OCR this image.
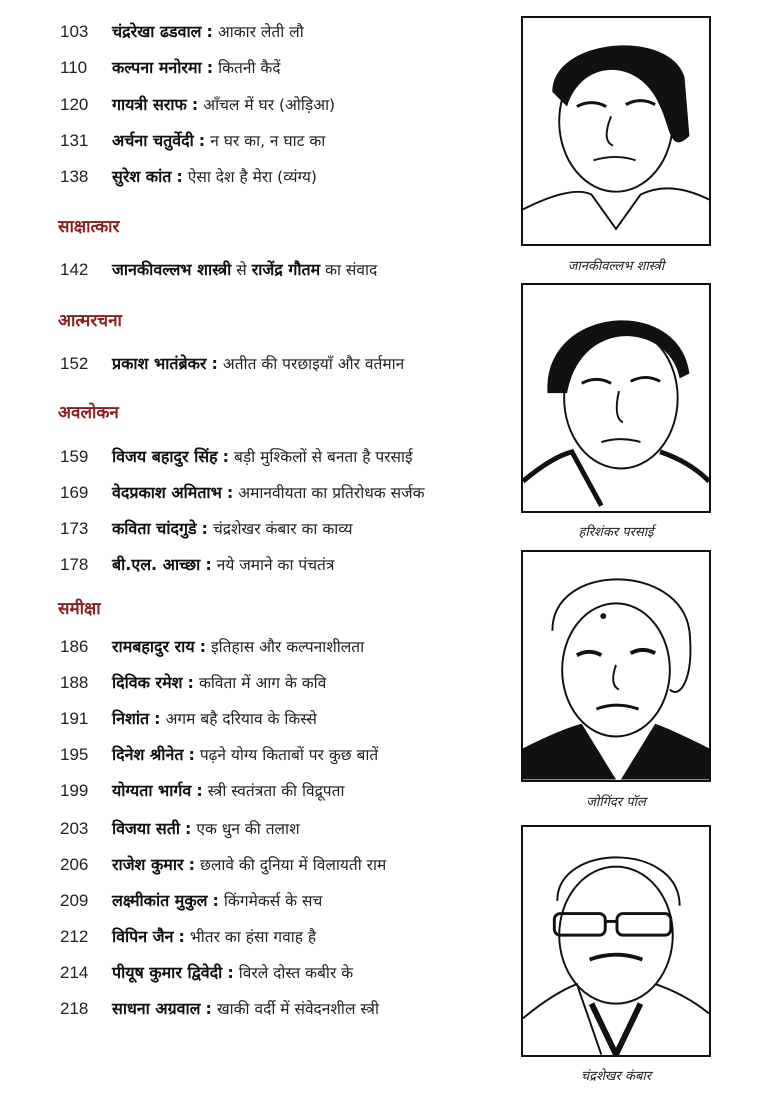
103	चंद्ररेखा ढडवाल : आकार लेती लौ
110	कल्पना मनोरमा : कितनी कैदें
120	गायत्री सराफ : आँचल में घर (ओड़िआ)
131	अर्चना चतुर्वेदी : न घर का, न घाट का
138	सुरेश कांत : ऐसा देश है मेरा (व्यंग्य)
साक्षात्कार
142	जानकीवल्लभ शास्त्री से राजेंद्र गौतम का संवाद
आत्मरचना
152	प्रकाश भातंब्रेकर : अतीत की परछाइयाँ और वर्तमान
अवलोकन
159	विजय बहादुर सिंह : बड़ी मुश्किलों से बनता है परसाई
169	वेदप्रकाश अमिताभ : अमानवीयता का प्रतिरोधक सर्जक
173	कविता चांदगुडे : चंद्रशेखर कंबार का काव्य
178	बी.एल. आच्छा : नये जमाने का पंचतंत्र
समीक्षा
186	रामबहादुर राय : इतिहास और कल्पनाशीलता
188	दिविक रमेश : कविता में आग के कवि
191	निशांत : अगम बहै दरियाव के किस्से
195	दिनेश श्रीनेत : पढ़ने योग्य किताबों पर कुछ बातें
199	योग्यता भार्गव : स्त्री स्वतंत्रता की विद्रूपता
203	विजया सती : एक धुन की तलाश
206	राजेश कुमार : छलावे की दुनिया में विलायती राम
209	लक्ष्मीकांत मुकुल : किंगमेकर्स के सच
212	विपिन जैन : भीतर का हंसा गवाह है
214	पीयूष कुमार द्विवेदी : विरले दोस्त कबीर के
218	साधना अग्रवाल : खाकी वर्दी में संवेदनशील स्त्री
जानकीवल्लभ शास्त्री
हरिशंकर परसाई
जोगिंदर पॉल
चंद्रशेखर कंबार
